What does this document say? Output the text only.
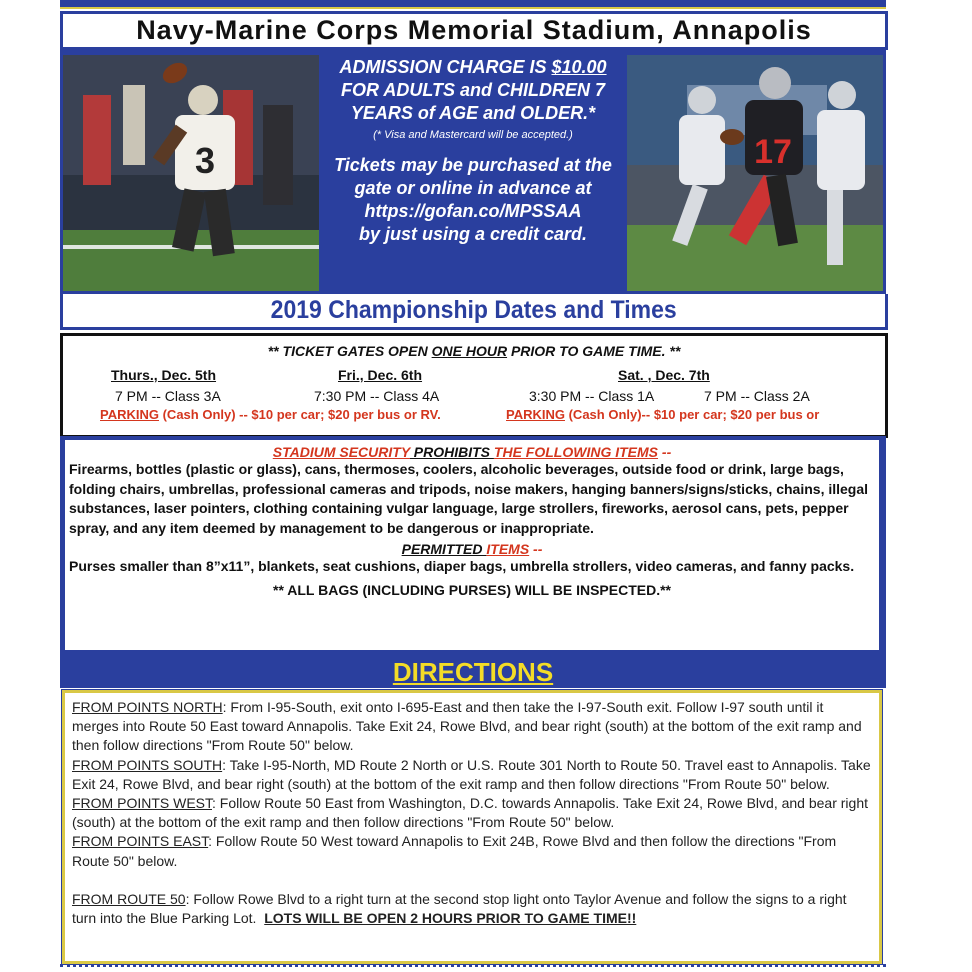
Navy-Marine Corps Memorial Stadium, Annapolis
3
ADMISSION CHARGE IS $10.00
FOR ADULTS and CHILDREN 7
YEARS of AGE and OLDER.*
(* Visa and Mastercard will be accepted.)
Tickets may be purchased at the
gate or online in advance at
https://gofan.co/MPSSAA
by just using a credit card.
17
2019 Championship Dates and Times
** TICKET GATES OPEN ONE HOUR PRIOR TO GAME TIME. **
Thurs., Dec. 5th
7 PM -- Class 3A
Fri., Dec. 6th
7:30 PM -- Class 4A
Sat. , Dec. 7th
3:30 PM -- Class 1A	7 PM -- Class 2A
PARKING (Cash Only) -- $10 per car; $20 per bus or RV.	PARKING (Cash Only)-- $10 per car; $20 per bus or
STADIUM SECURITY PROHIBITS THE FOLLOWING ITEMS --
Firearms, bottles (plastic or glass), cans, thermoses, coolers, alcoholic beverages, outside food or drink, large bags, folding chairs, umbrellas, professional cameras and tripods, noise makers, hanging banners/signs/sticks, chains, illegal substances, laser pointers, clothing containing vulgar language, large strollers, fireworks, aerosol cans, pets, pepper spray, and any item deemed by management to be dangerous or inappropriate.
PERMITTED ITEMS --
Purses smaller than 8”x11”, blankets, seat cushions, diaper bags, umbrella strollers, video cameras, and fanny packs.
** ALL BAGS (INCLUDING PURSES) WILL BE INSPECTED.**
DIRECTIONS
FROM POINTS NORTH: From I-95-South, exit onto I-695-East and then take the I-97-South exit. Follow I-97 south until it merges into Route 50 East toward Annapolis. Take Exit 24, Rowe Blvd, and bear right (south) at the bottom of the exit ramp and then follow directions "From Route 50" below.
FROM POINTS SOUTH: Take I-95-North, MD Route 2 North or U.S. Route 301 North to Route 50. Travel east to Annapolis. Take Exit 24, Rowe Blvd, and bear right (south) at the bottom of the exit ramp and then follow directions "From Route 50" below.
FROM POINTS WEST: Follow Route 50 East from Washington, D.C. towards Annapolis. Take Exit 24, Rowe Blvd, and bear right (south) at the bottom of the exit ramp and then follow directions "From Route 50" below.
FROM POINTS EAST: Follow Route 50 West toward Annapolis to Exit 24B, Rowe Blvd and then follow the directions "From Route 50" below.
FROM ROUTE 50: Follow Rowe Blvd to a right turn at the second stop light onto Taylor Avenue and follow the signs to a right turn into the Blue Parking Lot. LOTS WILL BE OPEN 2 HOURS PRIOR TO GAME TIME!!
